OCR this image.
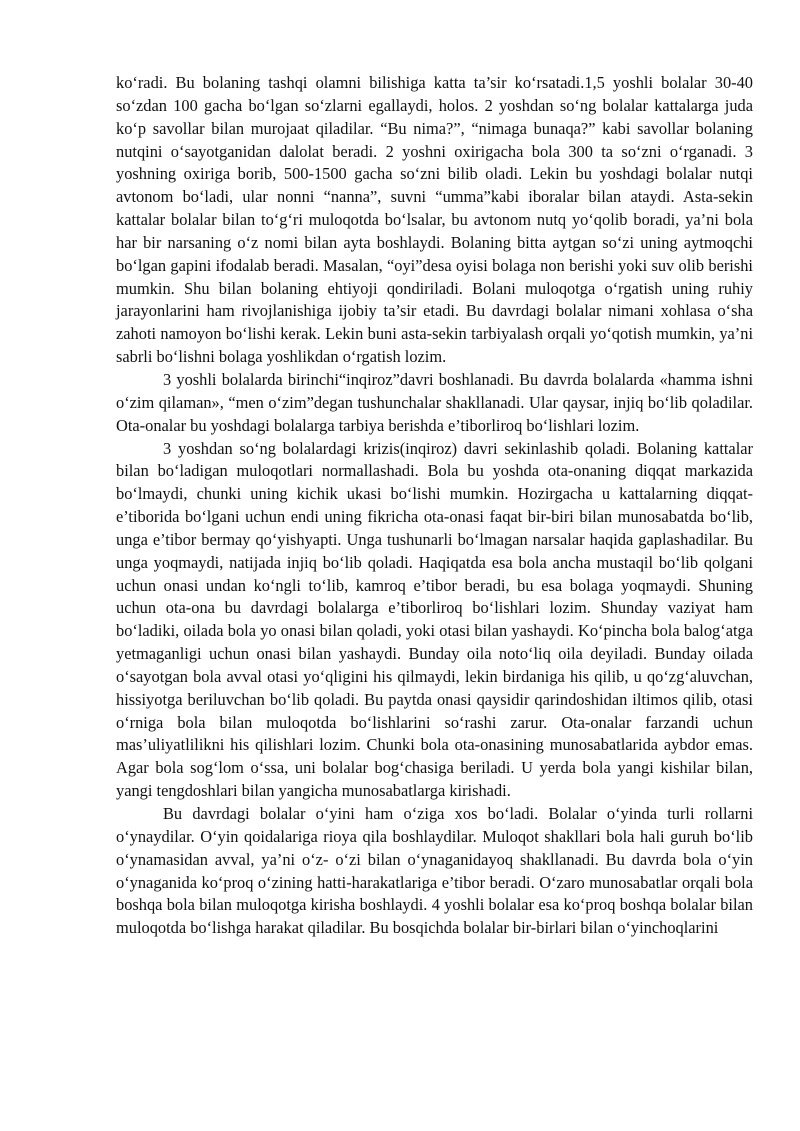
ko‘radi. Bu bolaning tashqi olamni bilishiga katta ta’sir ko‘rsatadi.1,5 yoshli bolalar 30-40 so‘zdan 100 gacha bo‘lgan so‘zlarni egallaydi, holos. 2 yoshdan so‘ng bolalar kattalarga juda ko‘p savollar bilan murojaat qiladilar. “Bu nima?”, “nimaga bunaqa?” kabi savollar bolaning nutqini o‘sayotganidan dalolat beradi. 2 yoshni oxirigacha bola 300 ta so‘zni o‘rganadi. 3 yoshning oxiriga borib, 500-1500 gacha so‘zni bilib oladi. Lekin bu yoshdagi bolalar nutqi avtonom bo‘ladi, ular nonni “nanna”, suvni “umma”kabi iboralar bilan ataydi. Asta-sekin kattalar bolalar bilan to‘g‘ri muloqotda bo‘lsalar, bu avtonom nutq yo‘qolib boradi, ya’ni bola har bir narsaning o‘z nomi bilan ayta boshlaydi. Bolaning bitta aytgan so‘zi uning aytmoqchi bo‘lgan gapini ifodalab beradi. Masalan, “oyi”desa oyisi bolaga non berishi yoki suv olib berishi mumkin. Shu bilan bolaning ehtiyoji qondiriladi. Bolani muloqotga o‘rgatish uning ruhiy jarayonlarini ham rivojlanishiga ijobiy ta’sir etadi. Bu davrdagi bolalar nimani xohlasa o‘sha zahoti namoyon bo‘lishi kerak. Lekin buni asta-sekin tarbiyalash orqali yo‘qotish mumkin, ya’ni sabrli bo‘lishni bolaga yoshlikdan o‘rgatish lozim.

3 yoshli bolalarda birinchi“inqiroz”davri boshlanadi. Bu davrda bolalarda «hamma ishni o‘zim qilaman», “men o‘zim”degan tushunchalar shakllanadi. Ular qaysar, injiq bo‘lib qoladilar. Ota-onalar bu yoshdagi bolalarga tarbiya berishda e’tiborliroq bo‘lishlari lozim.

3 yoshdan so‘ng bolalardagi krizis(inqiroz) davri sekinlashib qoladi. Bolaning kattalar bilan bo‘ladigan muloqotlari normallashadi. Bola bu yoshda ota-onaning diqqat markazida bo‘lmaydi, chunki uning kichik ukasi bo‘lishi mumkin. Hozirgacha u kattalarning diqqat-e’tiborida bo‘lgani uchun endi uning fikricha ota-onasi faqat bir-biri bilan munosabatda bo‘lib, unga e’tibor bermay qo‘yishyapti. Unga tushunarli bo‘lmagan narsalar haqida gaplashadilar. Bu unga yoqmaydi, natijada injiq bo‘lib qoladi. Haqiqatda esa bola ancha mustaqil bo‘lib qolgani uchun onasi undan ko‘ngli to‘lib, kamroq e’tibor beradi, bu esa bolaga yoqmaydi. Shuning uchun ota-ona bu davrdagi bolalarga e’tiborliroq bo‘lishlari lozim. Shunday vaziyat ham bo‘ladiki, oilada bola yo onasi bilan qoladi, yoki otasi bilan yashaydi. Ko‘pincha bola balog‘atga yetmaganligi uchun onasi bilan yashaydi. Bunday oila noto‘liq oila deyiladi. Bunday oilada o‘sayotgan bola avval otasi yo‘qligini his qilmaydi, lekin birdaniga his qilib, u qo‘zg‘aluvchan, hissiyotga beriluvchan bo‘lib qoladi. Bu paytda onasi qaysidir qarindoshidan iltimos qilib, otasi o‘rniga bola bilan muloqotda bo‘lishlarini so‘rashi zarur. Ota-onalar farzandi uchun mas’uliyatlilikni his qilishlari lozim. Chunki bola ota-onasining munosabatlarida aybdor emas. Agar bola sog‘lom o‘ssa, uni bolalar bog‘chasiga beriladi. U yerda bola yangi kishilar bilan, yangi tengdoshlari bilan yangicha munosabatlarga kirishadi.

Bu davrdagi bolalar o‘yini ham o‘ziga xos bo‘ladi. Bolalar o‘yinda turli rollarni o‘ynaydilar. O‘yin qoidalariga rioya qila boshlaydilar. Muloqot shakllari bola hali guruh bo‘lib o‘ynamasidan avval, ya’ni o‘z- o‘zi bilan o‘ynaganidayoq shakllanadi. Bu davrda bola o‘yin o‘ynaganida ko‘proq o‘zining hatti-harakatlariga e’tibor beradi. O‘zaro munosabatlar orqali bola boshqa bola bilan muloqotga kirisha boshlaydi. 4 yoshli bolalar esa ko‘proq boshqa bolalar bilan muloqotda bo‘lishga harakat qiladilar. Bu bosqichda bolalar bir-birlari bilan o‘yinchoqlarini
